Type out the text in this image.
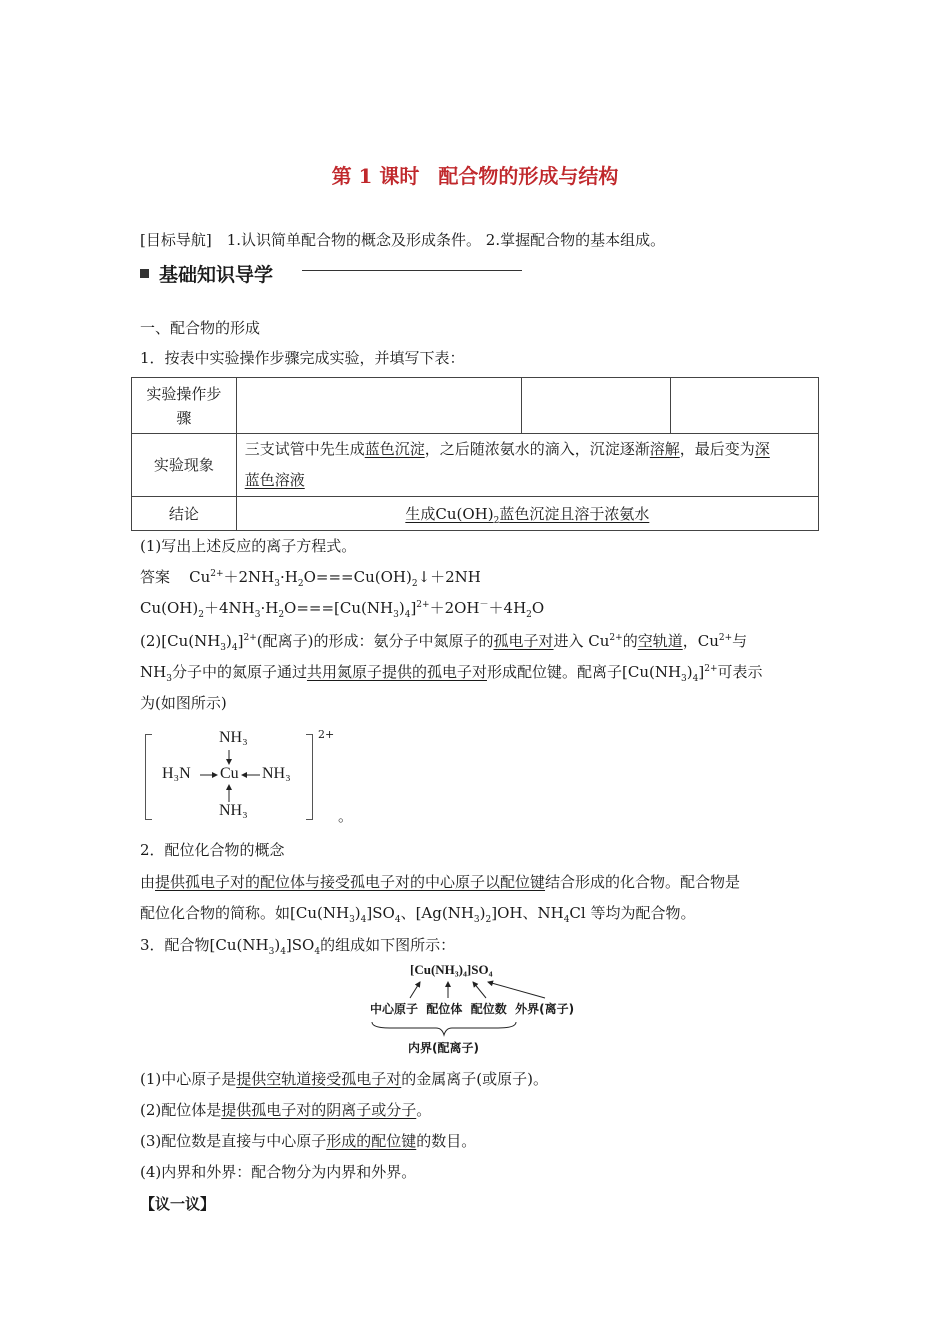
第 1 课时 配合物的形成与结构
[目标导航]　1.认识简单配合物的概念及形成条件。 2.掌握配合物的基本组成。
基础知识导学
一、配合物的形成
1．按表中实验操作步骤完成实验，并填写下表：
实验操作步骤			
实验现象	三支试管中先生成蓝色沉淀，之后随浓氨水的滴入，沉淀逐渐溶解，最后变为深
蓝色溶液		
结论	生成$Cu(OH)_2$蓝色沉淀且溶于浓氨水		
(1)写出上述反应的离子方程式。
答案 $Cu^{2+}+2NH_3\cdot H_2O===Cu(OH)_2↓+2NH$
$Cu(OH)_2+4NH_3\cdot H_2O===[Cu(NH_3)_4]^{2+}+2OH^-+4H_2O$
$(2)[Cu(NH_3)_4]^{2+}$(配离子)的形成：氨分子中氮原子的孤电子对进入 $Cu^{2+}$的空轨道，$Cu^{2+}$与
$NH_3$分子中的氮原子通过共用氮原子提供的孤电子对形成配位键。配离子$[Cu(NH_3)_4]^{2+}$可表示
为(如图所示)
NH₃
H₃N Cu NH₃
NH₃
2+
。
2．配位化合物的概念
由提供孤电子对的配位体与接受孤电子对的中心原子以配位键结合形成的化合物。配合物是
配位化合物的简称。如$[Cu(NH_3)_4]SO_4$、$[Ag(NH_3)_2]OH$、$NH_4Cl$ 等均为配合物。
3．配合物$[Cu(NH_3)_4]SO_4$的组成如下图所示：
[Cu(NH₃)₄]SO₄
中心原子 配位体 配位数 外界(离子)
内界(配离子)
(1)中心原子是提供空轨道接受孤电子对的金属离子(或原子)。
(2)配位体是提供孤电子对的阴离子或分子。
(3)配位数是直接与中心原子形成的配位键的数目。
(4)内界和外界：配合物分为内界和外界。
【议一议】
